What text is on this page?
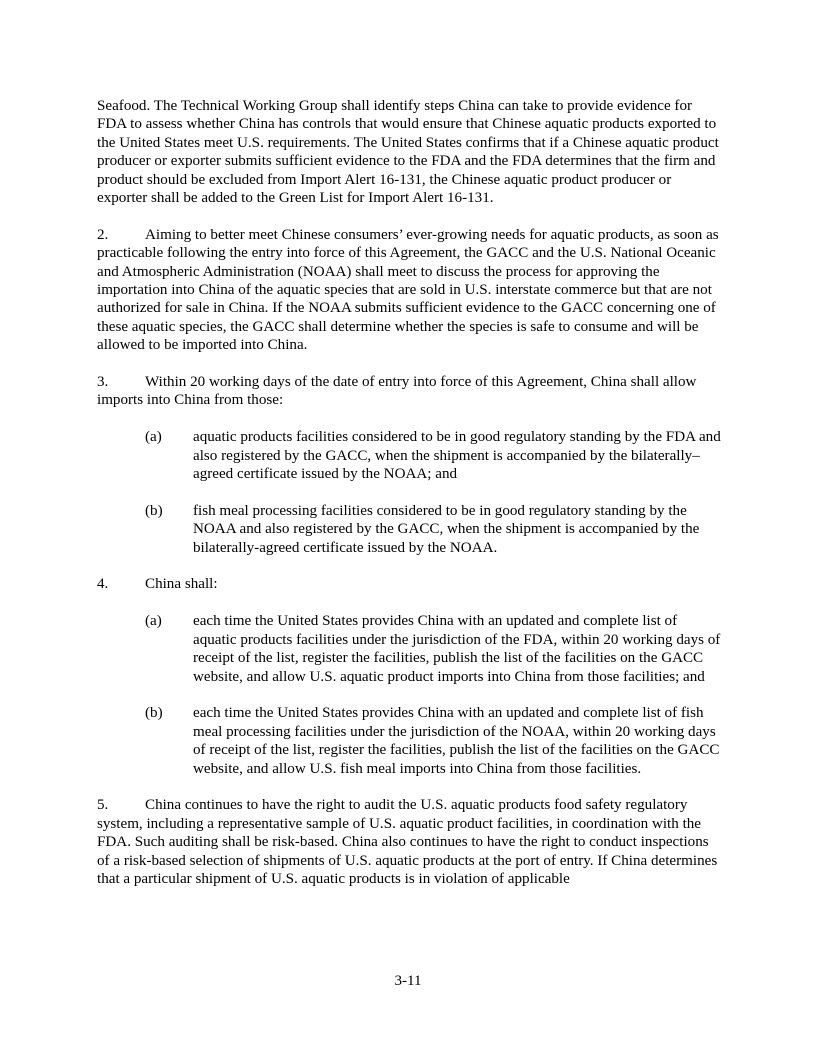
Seafood. The Technical Working Group shall identify steps China can take to provide evidence for FDA to assess whether China has controls that would ensure that Chinese aquatic products exported to the United States meet U.S. requirements. The United States confirms that if a Chinese aquatic product producer or exporter submits sufficient evidence to the FDA and the FDA determines that the firm and product should be excluded from Import Alert 16-131, the Chinese aquatic product producer or exporter shall be added to the Green List for Import Alert 16-131.

2. Aiming to better meet Chinese consumers’ ever-growing needs for aquatic products, as soon as practicable following the entry into force of this Agreement, the GACC and the U.S. National Oceanic and Atmospheric Administration (NOAA) shall meet to discuss the process for approving the importation into China of the aquatic species that are sold in U.S. interstate commerce but that are not authorized for sale in China. If the NOAA submits sufficient evidence to the GACC concerning one of these aquatic species, the GACC shall determine whether the species is safe to consume and will be allowed to be imported into China.

3. Within 20 working days of the date of entry into force of this Agreement, China shall allow imports into China from those:

(a)	aquatic products facilities considered to be in good regulatory standing by the FDA and also registered by the GACC, when the shipment is accompanied by the bilaterally–agreed certificate issued by the NOAA; and
(b)	fish meal processing facilities considered to be in good regulatory standing by the NOAA and also registered by the GACC, when the shipment is accompanied by the bilaterally-agreed certificate issued by the NOAA.

4. China shall:

(a)	each time the United States provides China with an updated and complete list of aquatic products facilities under the jurisdiction of the FDA, within 20 working days of receipt of the list, register the facilities, publish the list of the facilities on the GACC website, and allow U.S. aquatic product imports into China from those facilities; and
(b)	each time the United States provides China with an updated and complete list of fish meal processing facilities under the jurisdiction of the NOAA, within 20 working days of receipt of the list, register the facilities, publish the list of the facilities on the GACC website, and allow U.S. fish meal imports into China from those facilities.

5. China continues to have the right to audit the U.S. aquatic products food safety regulatory system, including a representative sample of U.S. aquatic product facilities, in coordination with the FDA. Such auditing shall be risk-based. China also continues to have the right to conduct inspections of a risk-based selection of shipments of U.S. aquatic products at the port of entry. If China determines that a particular shipment of U.S. aquatic products is in violation of applicable

3-11
